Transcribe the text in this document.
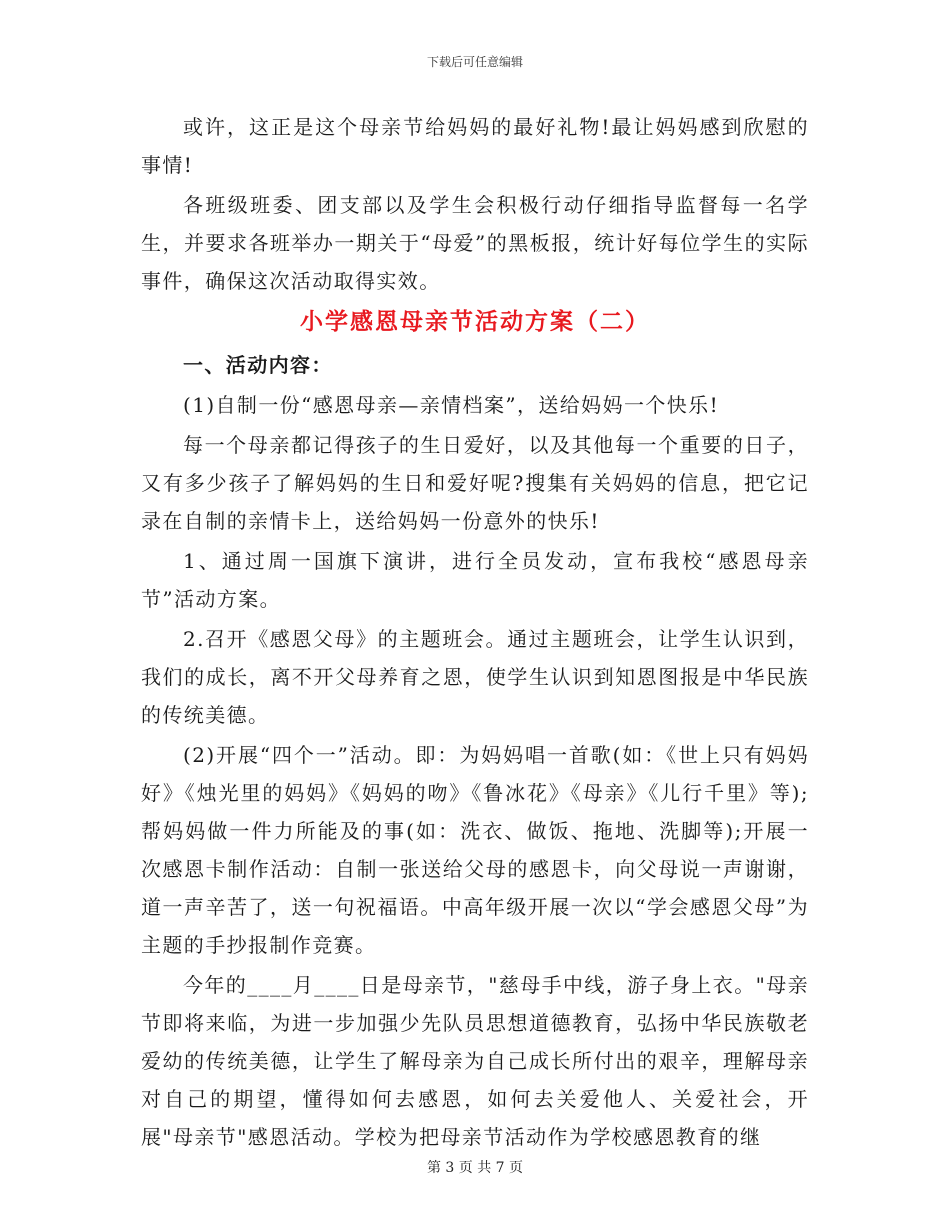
下载后可任意编辑

或许，这正是这个母亲节给妈妈的最好礼物!最让妈妈感到欣慰的事情!

各班级班委、团支部以及学生会积极行动仔细指导监督每一名学生，并要求各班举办一期关于“母爱”的黑板报，统计好每位学生的实际事件，确保这次活动取得实效。

小学感恩母亲节活动方案（二）

一、活动内容：

(1)自制一份“感恩母亲—亲情档案”，送给妈妈一个快乐!

每一个母亲都记得孩子的生日爱好，以及其他每一个重要的日子，又有多少孩子了解妈妈的生日和爱好呢?搜集有关妈妈的信息，把它记录在自制的亲情卡上，送给妈妈一份意外的快乐!

1、通过周一国旗下演讲，进行全员发动，宣布我校“感恩母亲节”活动方案。

2.召开《感恩父母》的主题班会。通过主题班会，让学生认识到，我们的成长，离不开父母养育之恩，使学生认识到知恩图报是中华民族的传统美德。

(2)开展“四个一”活动。即：为妈妈唱一首歌(如：《世上只有妈妈好》《烛光里的妈妈》《妈妈的吻》《鲁冰花》《母亲》《儿行千里》等);帮妈妈做一件力所能及的事(如：洗衣、做饭、拖地、洗脚等);开展一次感恩卡制作活动：自制一张送给父母的感恩卡，向父母说一声谢谢，道一声辛苦了，送一句祝福语。中高年级开展一次以“学会感恩父母”为主题的手抄报制作竞赛。

今年的____月____日是母亲节，"慈母手中线，游子身上衣。"母亲节即将来临，为进一步加强少先队员思想道德教育，弘扬中华民族敬老爱幼的传统美德，让学生了解母亲为自己成长所付出的艰辛，理解母亲对自己的期望，懂得如何去感恩，如何去关爱他人、关爱社会，开展"母亲节"感恩活动。学校为把母亲节活动作为学校感恩教育的继

第 3 页 共 7 页
